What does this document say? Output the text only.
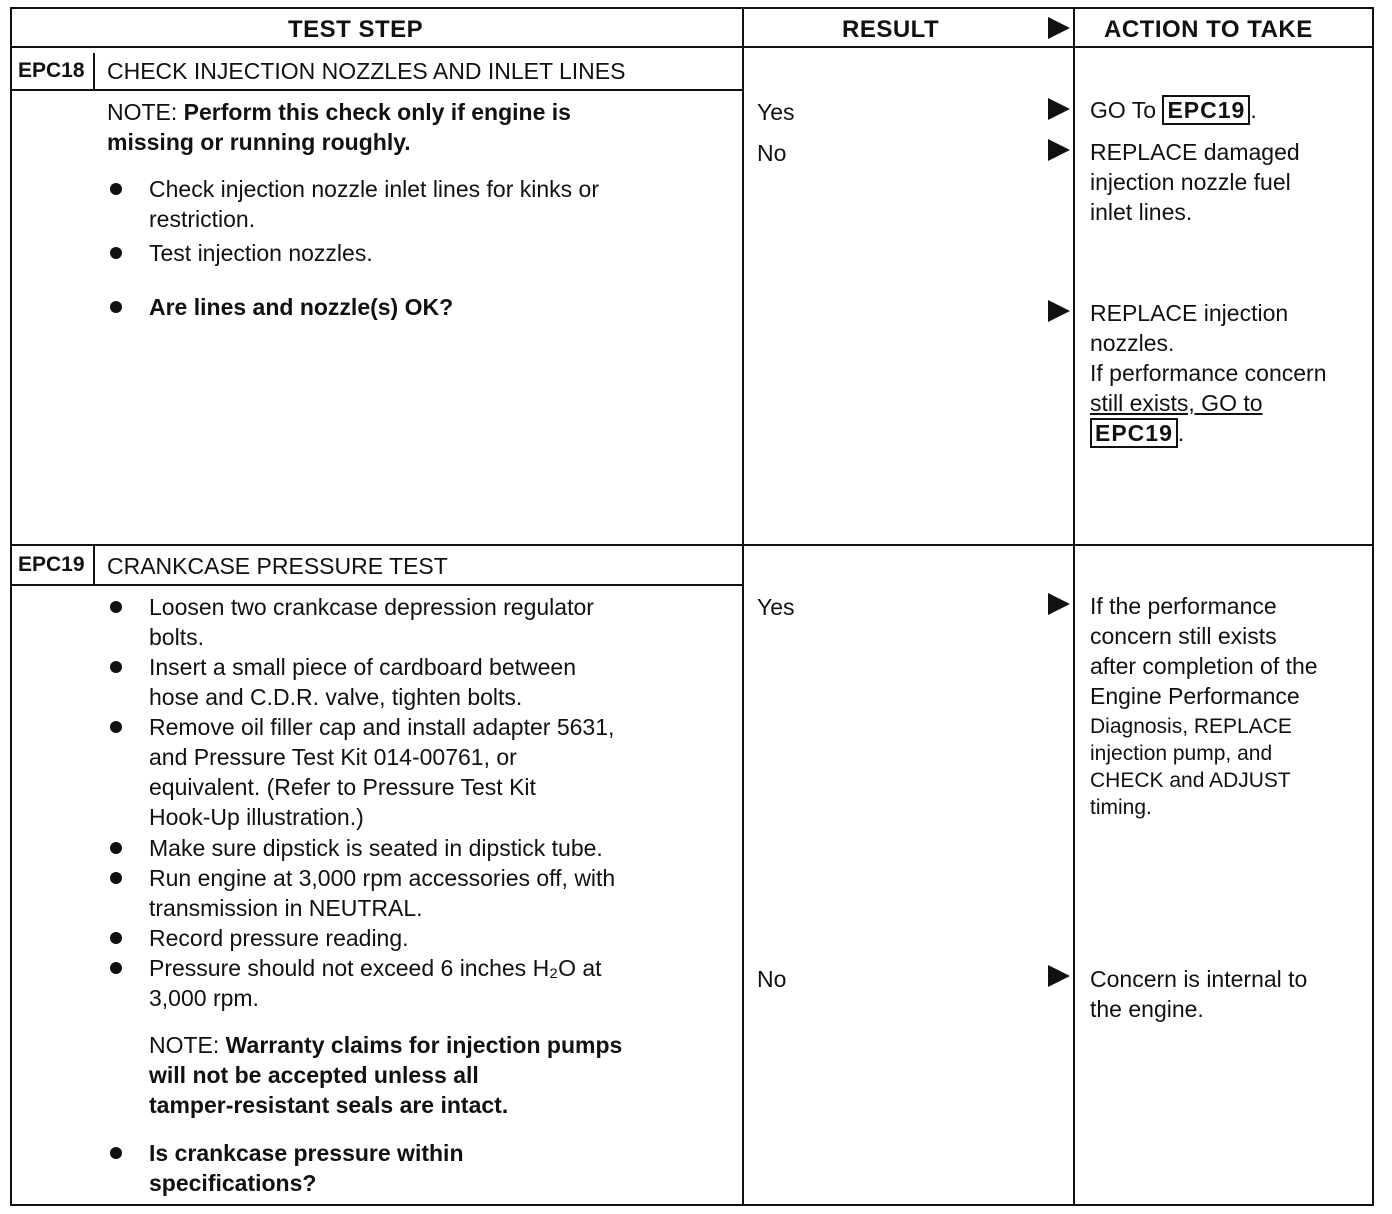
TEST STEP	RESULT	ACTION TO TAKE
EPC18 CHECK INJECTION NOZZLES AND INLET LINES
NOTE: Perform this check only if engine is
missing or running roughly.
Check injection nozzle inlet lines for kinks or
restriction.
Test injection nozzles.
Are lines and nozzle(s) OK?
Yes
No
GO To EPC19 .
REPLACE damaged
injection nozzle fuel
inlet lines.
REPLACE injection
nozzles.
If performance concern
still exists, GO to
EPC19 .
EPC19 CRANKCASE PRESSURE TEST
Loosen two crankcase depression regulator
bolts.
Insert a small piece of cardboard between
hose and C.D.R. valve, tighten bolts.
Remove oil filler cap and install adapter 5631,
and Pressure Test Kit 014-00761, or
equivalent. (Refer to Pressure Test Kit
Hook-Up illustration.)
Make sure dipstick is seated in dipstick tube.
Run engine at 3,000 rpm accessories off, with
transmission in NEUTRAL.
Record pressure reading.
Pressure should not exceed 6 inches H₂O at
3,000 rpm.
NOTE: Warranty claims for injection pumps
will not be accepted unless all
tamper-resistant seals are intact.
Is crankcase pressure within
specifications?
Yes
No
If the performance
concern still exists
after completion of the
Engine Performance
Diagnosis, REPLACE
injection pump, and
CHECK and ADJUST
timing.
Concern is internal to
the engine.
